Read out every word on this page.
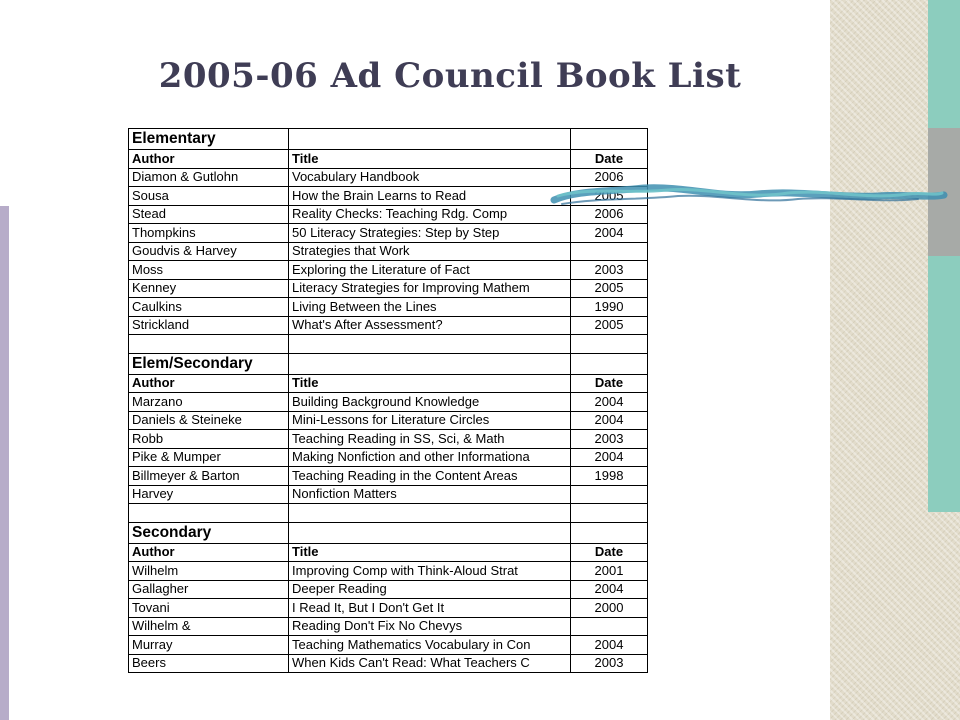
2005-06 Ad Council Book List
Elementary		
Author	Title	Date
Diamon & Gutlohn	Vocabulary Handbook	2006
Sousa	How the Brain Learns to Read	2005
Stead	Reality Checks: Teaching Rdg. Comp	2006
Thompkins	50 Literacy Strategies: Step by Step	2004
Goudvis & Harvey	Strategies that Work	
Moss	Exploring the Literature of Fact	2003
Kenney	Literacy Strategies for Improving Mathem	2005
Caulkins	Living Between the Lines	1990
Strickland	What's After Assessment?	2005

Elem/Secondary		
Author	Title	Date
Marzano	Building Background Knowledge	2004
Daniels & Steineke	Mini-Lessons for Literature Circles	2004
Robb	Teaching Reading in SS, Sci, & Math	2003
Pike & Mumper	Making Nonfiction and other Informationa	2004
Billmeyer & Barton	Teaching Reading in the Content Areas	1998
Harvey	Nonfiction Matters	

Secondary		
Author	Title	Date
Wilhelm	Improving Comp with Think-Aloud Strat	2001
Gallagher	Deeper Reading	2004
Tovani	I Read It, But I Don't Get It	2000
Wilhelm &	Reading Don't Fix No Chevys	
Murray	Teaching Mathematics Vocabulary in Con	2004
Beers	When Kids Can't Read: What Teachers C	2003
